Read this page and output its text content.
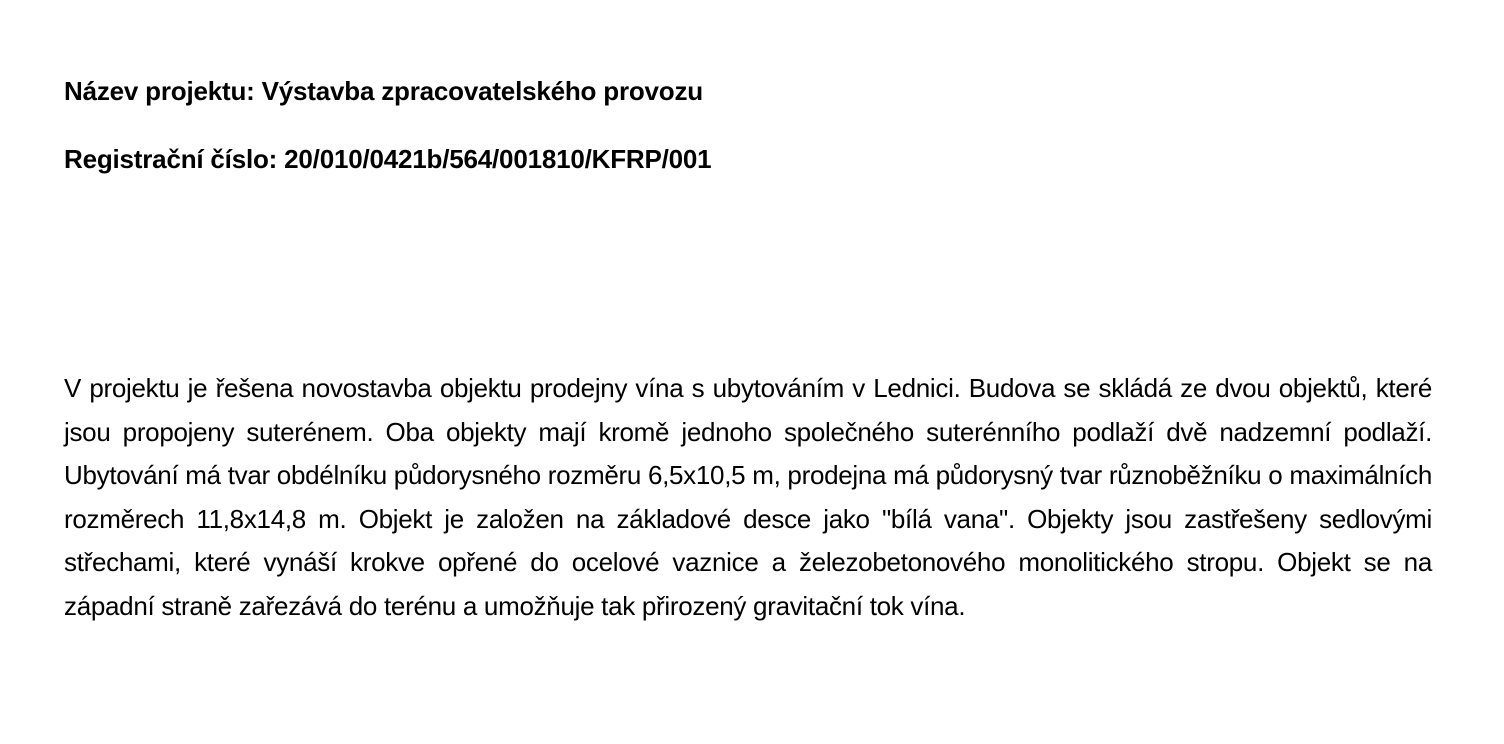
Název projektu: Výstavba zpracovatelského provozu
Registrační číslo: 20/010/0421b/564/001810/KFRP/001

V projektu je řešena novostavba objektu prodejny vína s ubytováním v Lednici. Budova se skládá ze dvou objektů, které jsou propojeny suterénem. Oba objekty mají kromě jednoho společného suterénního podlaží dvě nadzemní podlaží. Ubytování má tvar obdélníku půdorysného rozměru 6,5x10,5 m, prodejna má půdorysný tvar různoběžníku o maximálních rozměrech 11,8x14,8 m. Objekt je založen na základové desce jako "bílá vana". Objekty jsou zastřešeny sedlovými střechami, které vynáší krokve opřené do ocelové vaznice a železobetonového monolitického stropu. Objekt se na západní straně zařezává do terénu a umožňuje tak přirozený gravitační tok vína.
